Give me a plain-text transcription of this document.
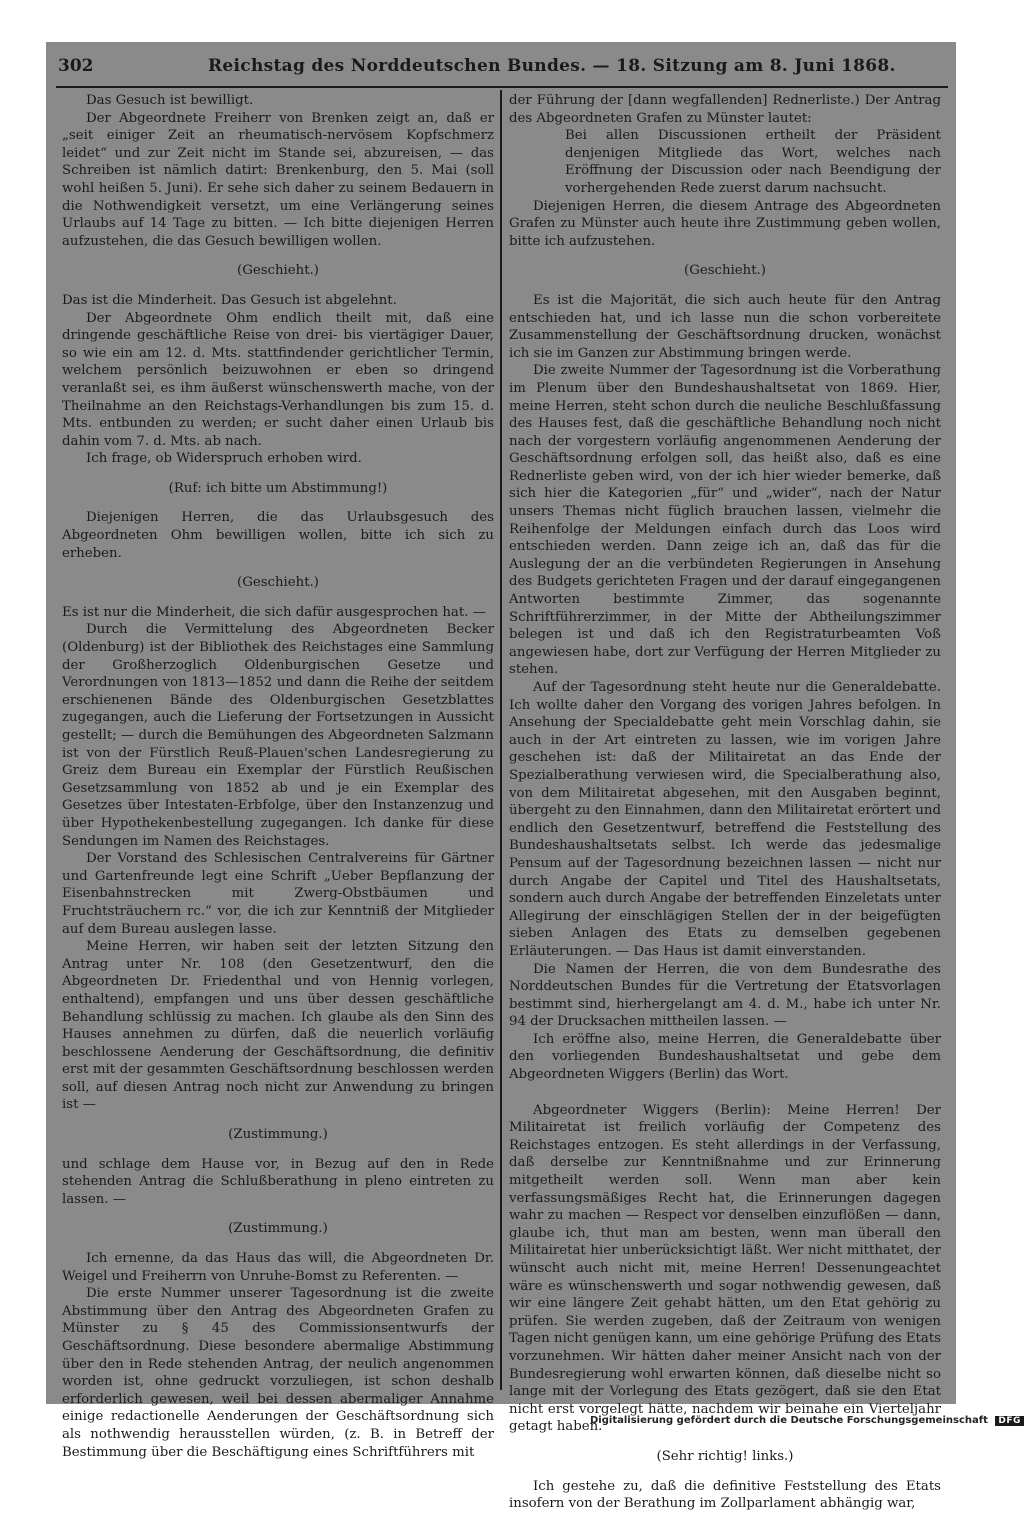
302	Reichstag des Norddeutschen Bundes. — 18. Sitzung am 8. Juni 1868.

Das Gesuch ist bewilligt.

Der Abgeordnete Freiherr von Brenken zeigt an, daß er „seit einiger Zeit an rheumatisch-nervösem Kopfschmerz leidet“ und zur Zeit nicht im Stande sei, abzureisen, — das Schreiben ist nämlich datirt: Brenkenburg, den 5. Mai (soll wohl heißen 5. Juni). Er sehe sich daher zu seinem Bedauern in die Nothwendigkeit versetzt, um eine Verlängerung seines Urlaubs auf 14 Tage zu bitten. — Ich bitte diejenigen Herren aufzustehen, die das Gesuch bewilligen wollen.

(Geschieht.)

Das ist die Minderheit. Das Gesuch ist abgelehnt.

Der Abgeordnete Ohm endlich theilt mit, daß eine dringende geschäftliche Reise von drei- bis viertägiger Dauer, so wie ein am 12. d. Mts. stattfindender gerichtlicher Termin, welchem persönlich beizuwohnen er eben so dringend veranlaßt sei, es ihm äußerst wünschenswerth mache, von der Theilnahme an den Reichstags-Verhandlungen bis zum 15. d. Mts. entbunden zu werden; er sucht daher einen Urlaub bis dahin vom 7. d. Mts. ab nach.

Ich frage, ob Widerspruch erhoben wird.

(Ruf: ich bitte um Abstimmung!)

Diejenigen Herren, die das Urlaubsgesuch des Abgeordneten Ohm bewilligen wollen, bitte ich sich zu erheben.

(Geschieht.)

Es ist nur die Minderheit, die sich dafür ausgesprochen hat. —

Durch die Vermittelung des Abgeordneten Becker (Oldenburg) ist der Bibliothek des Reichstages eine Sammlung der Großherzoglich Oldenburgischen Gesetze und Verordnungen von 1813—1852 und dann die Reihe der seitdem erschienenen Bände des Oldenburgischen Gesetzblattes zugegangen, auch die Lieferung der Fortsetzungen in Aussicht gestellt; — durch die Bemühungen des Abgeordneten Salzmann ist von der Fürstlich Reuß-Plauen'schen Landesregierung zu Greiz dem Bureau ein Exemplar der Fürstlich Reußischen Gesetzsammlung von 1852 ab und je ein Exemplar des Gesetzes über Intestaten-Erbfolge, über den Instanzenzug und über Hypothekenbestellung zugegangen. Ich danke für diese Sendungen im Namen des Reichstages.

Der Vorstand des Schlesischen Centralvereins für Gärtner und Gartenfreunde legt eine Schrift „Ueber Bepflanzung der Eisenbahnstrecken mit Zwerg-Obstbäumen und Fruchtsträuchern rc.“ vor, die ich zur Kenntniß der Mitglieder auf dem Bureau auslegen lasse.

Meine Herren, wir haben seit der letzten Sitzung den Antrag unter Nr. 108 (den Gesetzentwurf, den die Abgeordneten Dr. Friedenthal und von Hennig vorlegen, enthaltend), empfangen und uns über dessen geschäftliche Behandlung schlüssig zu machen. Ich glaube als den Sinn des Hauses annehmen zu dürfen, daß die neuerlich vorläufig beschlossene Aenderung der Geschäftsordnung, die definitiv erst mit der gesammten Geschäftsordnung beschlossen werden soll, auf diesen Antrag noch nicht zur Anwendung zu bringen ist —

(Zustimmung.)

und schlage dem Hause vor, in Bezug auf den in Rede stehenden Antrag die Schlußberathung in pleno eintreten zu lassen. —

(Zustimmung.)

Ich ernenne, da das Haus das will, die Abgeordneten Dr. Weigel und Freiherrn von Unruhe-Bomst zu Referenten. —

Die erste Nummer unserer Tagesordnung ist die zweite Abstimmung über den Antrag des Abgeordneten Grafen zu Münster zu § 45 des Commissionsentwurfs der Geschäftsordnung. Diese besondere abermalige Abstimmung über den in Rede stehenden Antrag, der neulich angenommen worden ist, ohne gedruckt vorzuliegen, ist schon deshalb erforderlich gewesen, weil bei dessen abermaliger Annahme einige redactionelle Aenderungen der Geschäftsordnung sich als nothwendig herausstellen würden, (z. B. in Betreff der Bestimmung über die Beschäftigung eines Schriftführers mit

der Führung der [dann wegfallenden] Rednerliste.) Der Antrag des Abgeordneten Grafen zu Münster lautet:

Bei allen Discussionen ertheilt der Präsident denjenigen Mitgliede das Wort, welches nach Eröffnung der Discussion oder nach Beendigung der vorhergehenden Rede zuerst darum nachsucht.

Diejenigen Herren, die diesem Antrage des Abgeordneten Grafen zu Münster auch heute ihre Zustimmung geben wollen, bitte ich aufzustehen.

(Geschieht.)

Es ist die Majorität, die sich auch heute für den Antrag entschieden hat, und ich lasse nun die schon vorbereitete Zusammenstellung der Geschäftsordnung drucken, wonächst ich sie im Ganzen zur Abstimmung bringen werde.

Die zweite Nummer der Tagesordnung ist die Vorberathung im Plenum über den Bundeshaushaltsetat von 1869. Hier, meine Herren, steht schon durch die neuliche Beschlußfassung des Hauses fest, daß die geschäftliche Behandlung noch nicht nach der vorgestern vorläufig angenommenen Aenderung der Geschäftsordnung erfolgen soll, das heißt also, daß es eine Rednerliste geben wird, von der ich hier wieder bemerke, daß sich hier die Kategorien „für“ und „wider“, nach der Natur unsers Themas nicht füglich brauchen lassen, vielmehr die Reihenfolge der Meldungen einfach durch das Loos wird entschieden werden. Dann zeige ich an, daß das für die Auslegung der an die verbündeten Regierungen in Ansehung des Budgets gerichteten Fragen und der darauf eingegangenen Antworten bestimmte Zimmer, das sogenannte Schriftführerzimmer, in der Mitte der Abtheilungszimmer belegen ist und daß ich den Registraturbeamten Voß angewiesen habe, dort zur Verfügung der Herren Mitglieder zu stehen.

Auf der Tagesordnung steht heute nur die Generaldebatte. Ich wollte daher den Vorgang des vorigen Jahres befolgen. In Ansehung der Specialdebatte geht mein Vorschlag dahin, sie auch in der Art eintreten zu lassen, wie im vorigen Jahre geschehen ist: daß der Militairetat an das Ende der Spezialberathung verwiesen wird, die Specialberathung also, von dem Militairetat abgesehen, mit den Ausgaben beginnt, übergeht zu den Einnahmen, dann den Militairetat erörtert und endlich den Gesetzentwurf, betreffend die Feststellung des Bundeshaushaltsetats selbst. Ich werde das jedesmalige Pensum auf der Tagesordnung bezeichnen lassen — nicht nur durch Angabe der Capitel und Titel des Haushaltsetats, sondern auch durch Angabe der betreffenden Einzeletats unter Allegirung der einschlägigen Stellen der in der beigefügten sieben Anlagen des Etats zu demselben gegebenen Erläuterungen. — Das Haus ist damit einverstanden.

Die Namen der Herren, die von dem Bundesrathe des Norddeutschen Bundes für die Vertretung der Etatsvorlagen bestimmt sind, hierhergelangt am 4. d. M., habe ich unter Nr. 94 der Drucksachen mittheilen lassen. —

Ich eröffne also, meine Herren, die Generaldebatte über den vorliegenden Bundeshaushaltsetat und gebe dem Abgeordneten Wiggers (Berlin) das Wort.

Abgeordneter Wiggers (Berlin): Meine Herren! Der Militairetat ist freilich vorläufig der Competenz des Reichstages entzogen. Es steht allerdings in der Verfassung, daß derselbe zur Kenntnißnahme und zur Erinnerung mitgetheilt werden soll. Wenn man aber kein verfassungsmäßiges Recht hat, die Erinnerungen dagegen wahr zu machen — Respect vor denselben einzuflößen — dann, glaube ich, thut man am besten, wenn man überall den Militairetat hier unberücksichtigt läßt. Wer nicht mitthatet, der wünscht auch nicht mit, meine Herren! Dessenungeachtet wäre es wünschenswerth und sogar nothwendig gewesen, daß wir eine längere Zeit gehabt hätten, um den Etat gehörig zu prüfen. Sie werden zugeben, daß der Zeitraum von wenigen Tagen nicht genügen kann, um eine gehörige Prüfung des Etats vorzunehmen. Wir hätten daher meiner Ansicht nach von der Bundesregierung wohl erwarten können, daß dieselbe nicht so lange mit der Vorlegung des Etats gezögert, daß sie den Etat nicht erst vorgelegt hätte, nachdem wir beinahe ein Vierteljahr getagt haben.

(Sehr richtig! links.)

Ich gestehe zu, daß die definitive Feststellung des Etats insofern von der Berathung im Zollparlament abhängig war,

Digitalisierung gefördert durch die Deutsche Forschungsgemeinschaft DFG
